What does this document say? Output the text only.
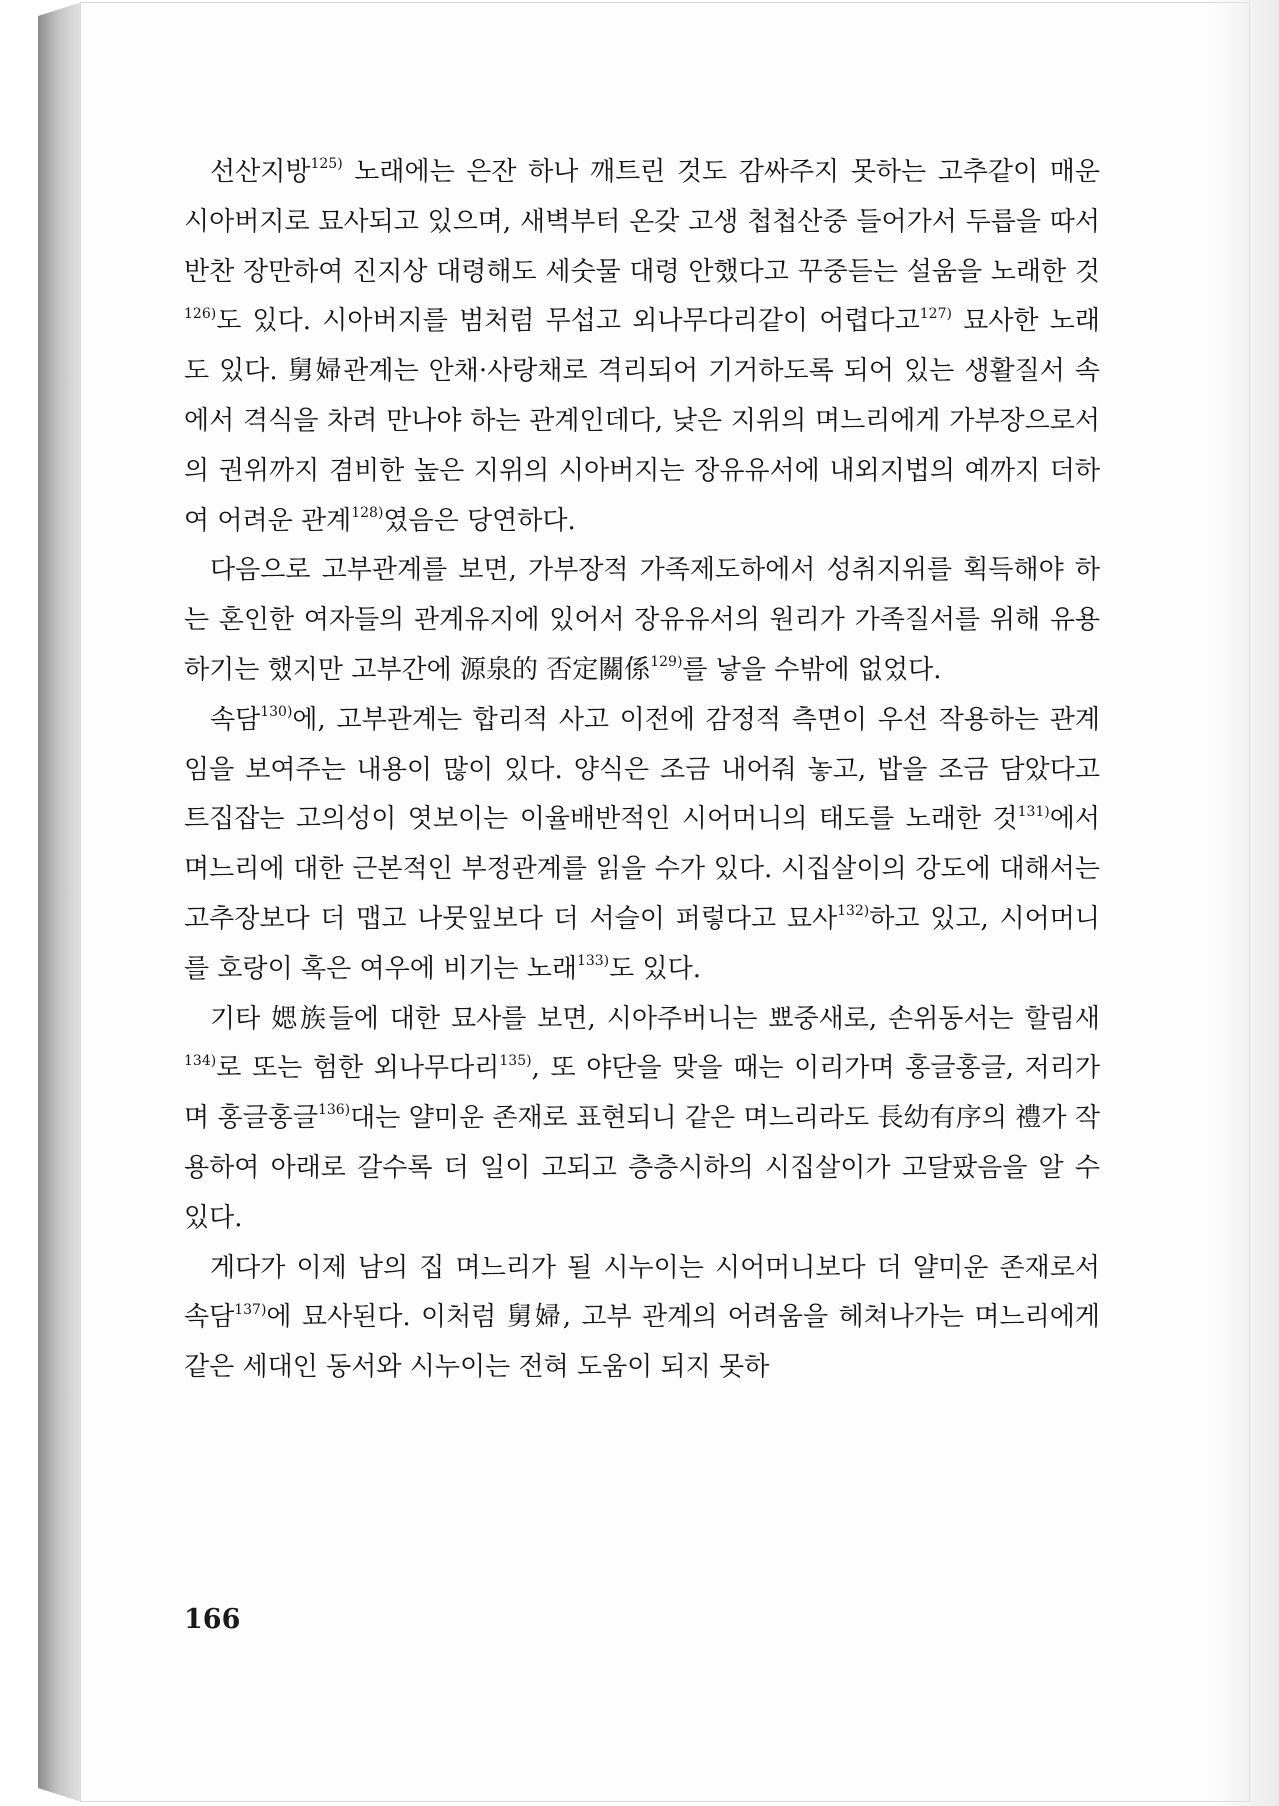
선산지방$^{125)}$ 노래에는 은잔 하나 깨트린 것도 감싸주지 못하는 고추같이 매운 시아버지로 묘사되고 있으며, 새벽부터 온갖 고생 첩첩산중 들어가서 두릅을 따서 반찬 장만하여 진지상 대령해도 세숫물 대령 안했다고 꾸중듣는 설움을 노래한 것$^{126)}$도 있다. 시아버지를 범처럼 무섭고 외나무다리같이 어렵다고$^{127)}$ 묘사한 노래도 있다. 舅婦관계는 안채·사랑채로 격리되어 기거하도록 되어 있는 생활질서 속에서 격식을 차려 만나야 하는 관계인데다, 낮은 지위의 며느리에게 가부장으로서의 권위까지 겸비한 높은 지위의 시아버지는 장유유서에 내외지법의 예까지 더하여 어려운 관계$^{128)}$였음은 당연하다.

다음으로 고부관계를 보면, 가부장적 가족제도하에서 성취지위를 획득해야 하는 혼인한 여자들의 관계유지에 있어서 장유유서의 원리가 가족질서를 위해 유용하기는 했지만 고부간에 源泉的 否定關係$^{129)}$를 낳을 수밖에 없었다.

속담$^{130)}$에, 고부관계는 합리적 사고 이전에 감정적 측면이 우선 작용하는 관계임을 보여주는 내용이 많이 있다. 양식은 조금 내어줘 놓고, 밥을 조금 담았다고 트집잡는 고의성이 엿보이는 이율배반적인 시어머니의 태도를 노래한 것$^{131)}$에서 며느리에 대한 근본적인 부정관계를 읽을 수가 있다. 시집살이의 강도에 대해서는 고추장보다 더 맵고 나뭇잎보다 더 서슬이 퍼렇다고 묘사$^{132)}$하고 있고, 시어머니를 호랑이 혹은 여우에 비기는 노래$^{133)}$도 있다.

기타 媤族들에 대한 묘사를 보면, 시아주버니는 뾰중새로, 손위동서는 할림새$^{134)}$로 또는 험한 외나무다리$^{135)}$, 또 야단을 맞을 때는 이리가며 홍글홍글, 저리가며 홍글홍글$^{136)}$대는 얄미운 존재로 표현되니 같은 며느리라도 長幼有序의 禮가 작용하여 아래로 갈수록 더 일이 고되고 층층시하의 시집살이가 고달팠음을 알 수 있다.

게다가 이제 남의 집 며느리가 될 시누이는 시어머니보다 더 얄미운 존재로서 속담$^{137)}$에 묘사된다. 이처럼 舅婦, 고부 관계의 어려움을 헤쳐나가는 며느리에게 같은 세대인 동서와 시누이는 전혀 도움이 되지 못하

166
